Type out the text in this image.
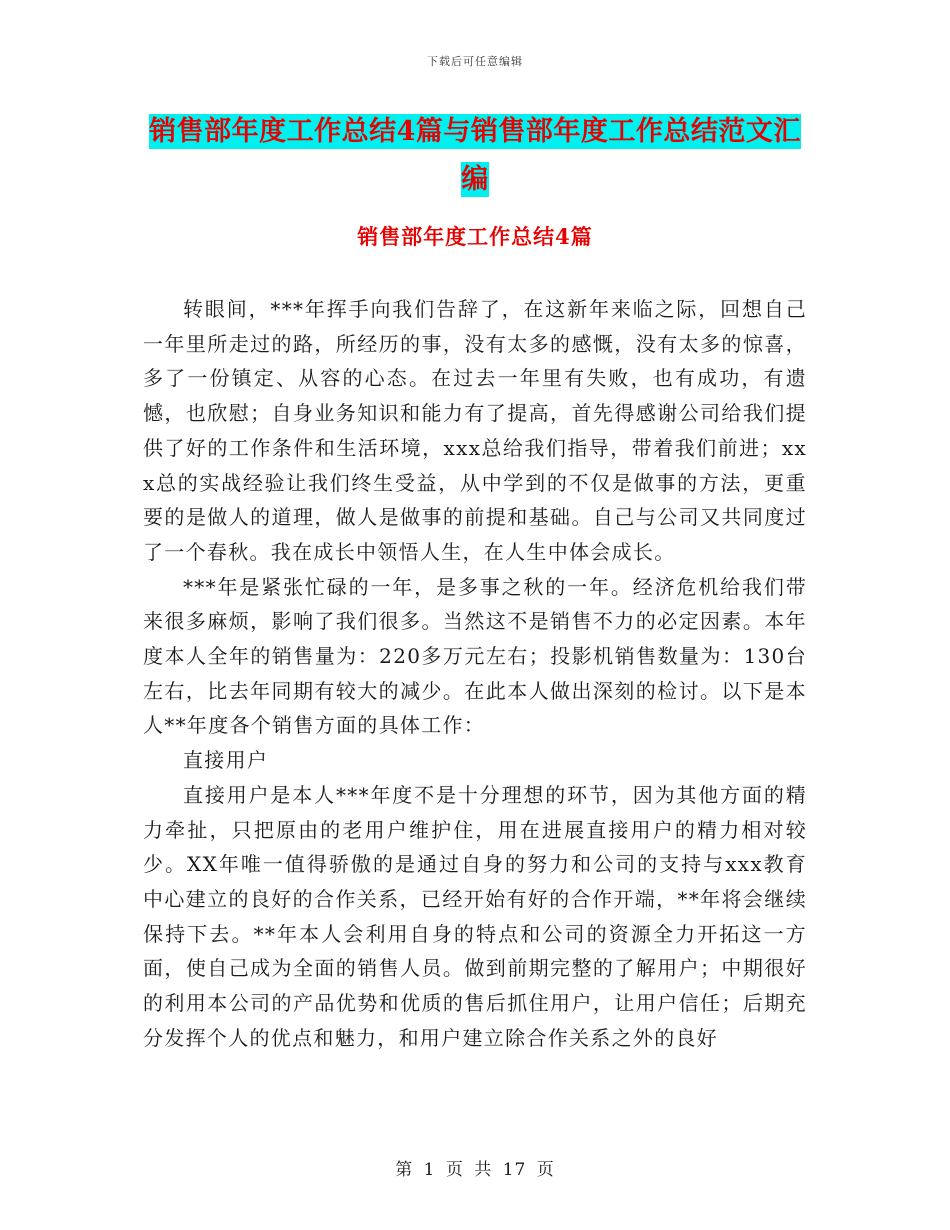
下载后可任意编辑
销售部年度工作总结4篇与销售部年度工作总结范文汇编
销售部年度工作总结4篇

转眼间，***年挥手向我们告辞了，在这新年来临之际，回想自己一年里所走过的路，所经历的事，没有太多的感慨，没有太多的惊喜，多了一份镇定、从容的心态。在过去一年里有失败，也有成功，有遗憾，也欣慰；自身业务知识和能力有了提高，首先得感谢公司给我们提供了好的工作条件和生活环境，xxx总给我们指导，带着我们前进；xxx总的实战经验让我们终生受益，从中学到的不仅是做事的方法，更重要的是做人的道理，做人是做事的前提和基础。自己与公司又共同度过了一个春秋。我在成长中领悟人生，在人生中体会成长。

***年是紧张忙碌的一年，是多事之秋的一年。经济危机给我们带来很多麻烦，影响了我们很多。当然这不是销售不力的必定因素。本年度本人全年的销售量为：220多万元左右；投影机销售数量为：130台左右，比去年同期有较大的减少。在此本人做出深刻的检讨。以下是本人**年度各个销售方面的具体工作：

直接用户

直接用户是本人***年度不是十分理想的环节，因为其他方面的精力牵扯，只把原由的老用户维护住，用在进展直接用户的精力相对较少。XX年唯一值得骄傲的是通过自身的努力和公司的支持与xxx教育中心建立的良好的合作关系，已经开始有好的合作开端，**年将会继续保持下去。**年本人会利用自身的特点和公司的资源全力开拓这一方面，使自己成为全面的销售人员。做到前期完整的了解用户；中期很好的利用本公司的产品优势和优质的售后抓住用户，让用户信任；后期充分发挥个人的优点和魅力，和用户建立除合作关系之外的良好

第 1 页 共 17 页
